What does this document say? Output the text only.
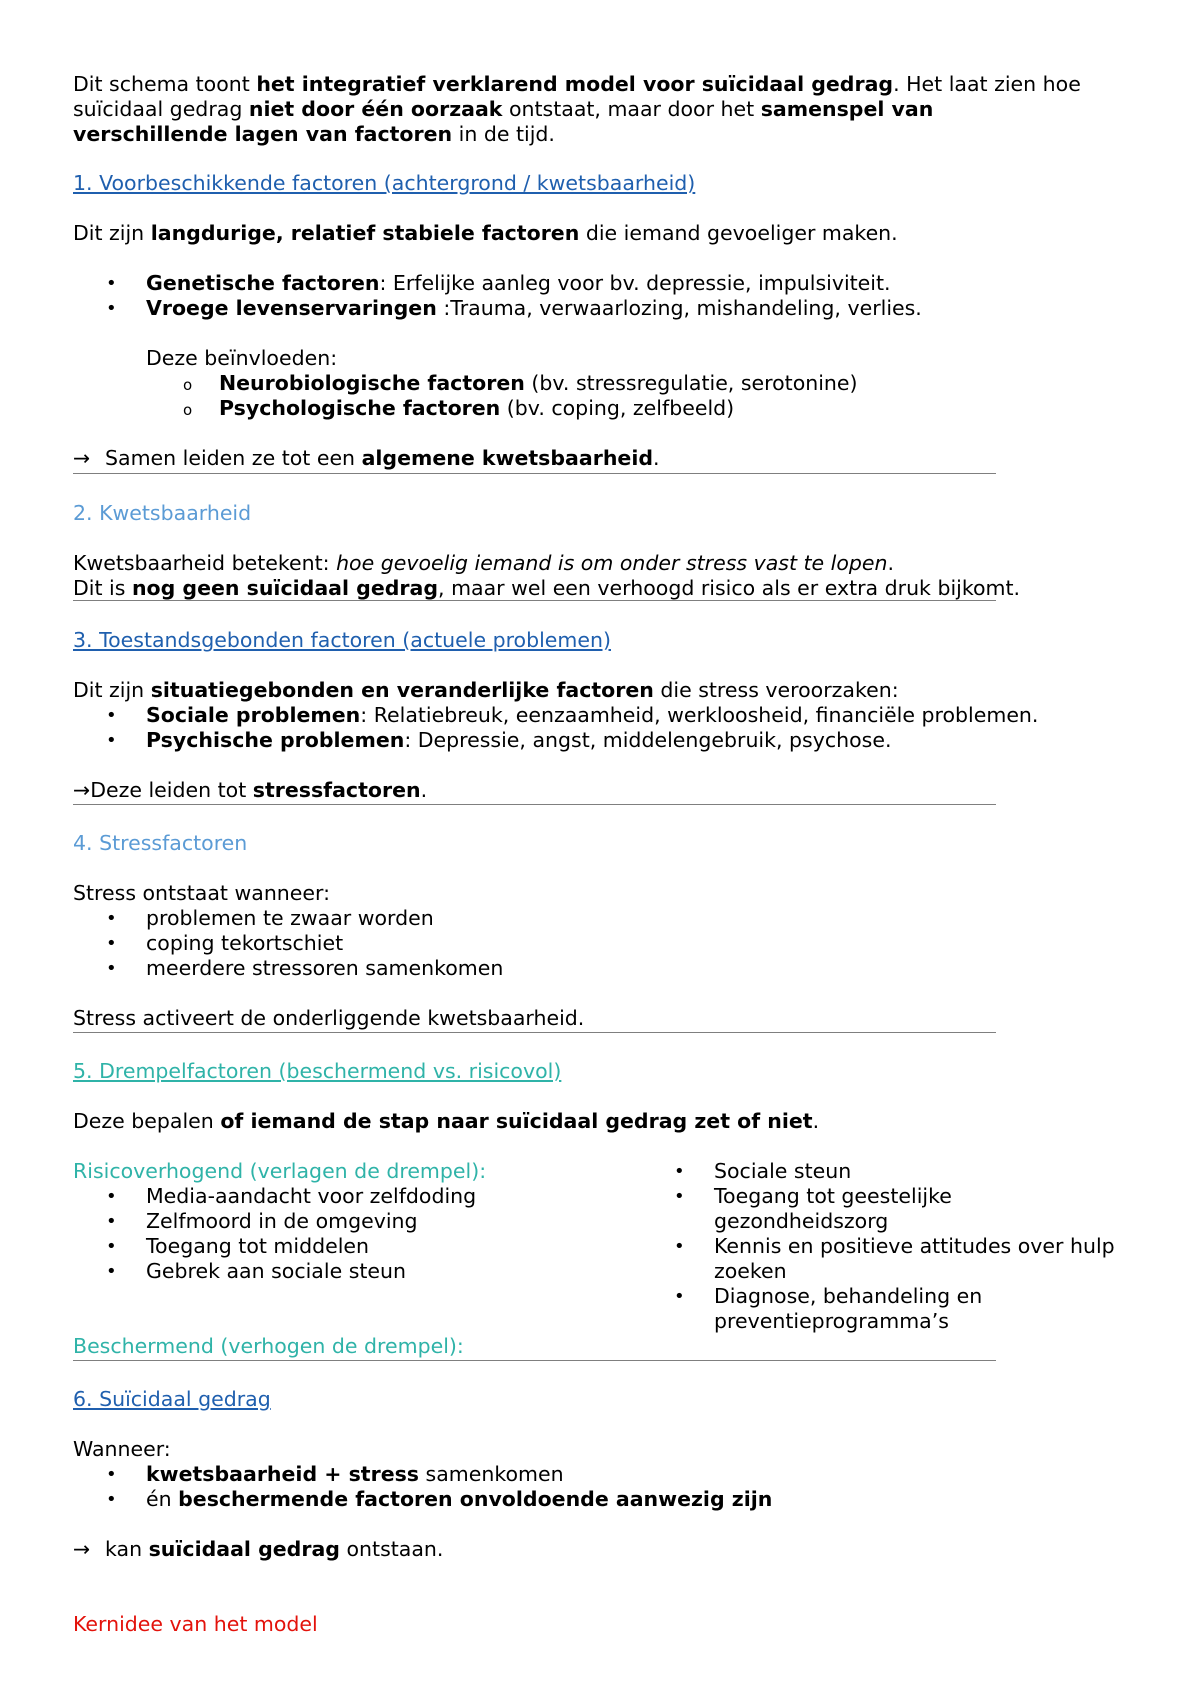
Dit schema toont het integratief verklarend model voor suïcidaal gedrag. Het laat zien hoe
suïcidaal gedrag niet door één oorzaak ontstaat, maar door het samenspel van
verschillende lagen van factoren in de tijd.
1. Voorbeschikkende factoren (achtergrond / kwetsbaarheid)
Dit zijn langdurige, relatief stabiele factoren die iemand gevoeliger maken.
• Genetische factoren: Erfelijke aanleg voor bv. depressie, impulsiviteit.
• Vroege levenservaringen :Trauma, verwaarlozing, mishandeling, verlies.
Deze beïnvloeden:
o Neurobiologische factoren (bv. stressregulatie, serotonine)
o Psychologische factoren (bv. coping, zelfbeeld)
→ Samen leiden ze tot een algemene kwetsbaarheid.
2. Kwetsbaarheid
Kwetsbaarheid betekent: hoe gevoelig iemand is om onder stress vast te lopen.
Dit is nog geen suïcidaal gedrag, maar wel een verhoogd risico als er extra druk bijkomt.
3. Toestandsgebonden factoren (actuele problemen)
Dit zijn situatiegebonden en veranderlijke factoren die stress veroorzaken:
• Sociale problemen: Relatiebreuk, eenzaamheid, werkloosheid, financiële problemen.
• Psychische problemen: Depressie, angst, middelengebruik, psychose.
→Deze leiden tot stressfactoren.
4. Stressfactoren
Stress ontstaat wanneer:
• problemen te zwaar worden
• coping tekortschiet
• meerdere stressoren samenkomen
Stress activeert de onderliggende kwetsbaarheid.
5. Drempelfactoren (beschermend vs. risicovol)
Deze bepalen of iemand de stap naar suïcidaal gedrag zet of niet.
Risicoverhogend (verlagen de drempel):
• Media-aandacht voor zelfdoding
• Zelfmoord in de omgeving
• Toegang tot middelen
• Gebrek aan sociale steun
• Sociale steun
• Toegang tot geestelijke
gezondheidszorg
• Kennis en positieve attitudes over hulp
zoeken
• Diagnose, behandeling en
preventieprogramma’s
Beschermend (verhogen de drempel):
6. Suïcidaal gedrag
Wanneer:
• kwetsbaarheid + stress samenkomen
• én beschermende factoren onvoldoende aanwezig zijn
→ kan suïcidaal gedrag ontstaan.
Kernidee van het model
